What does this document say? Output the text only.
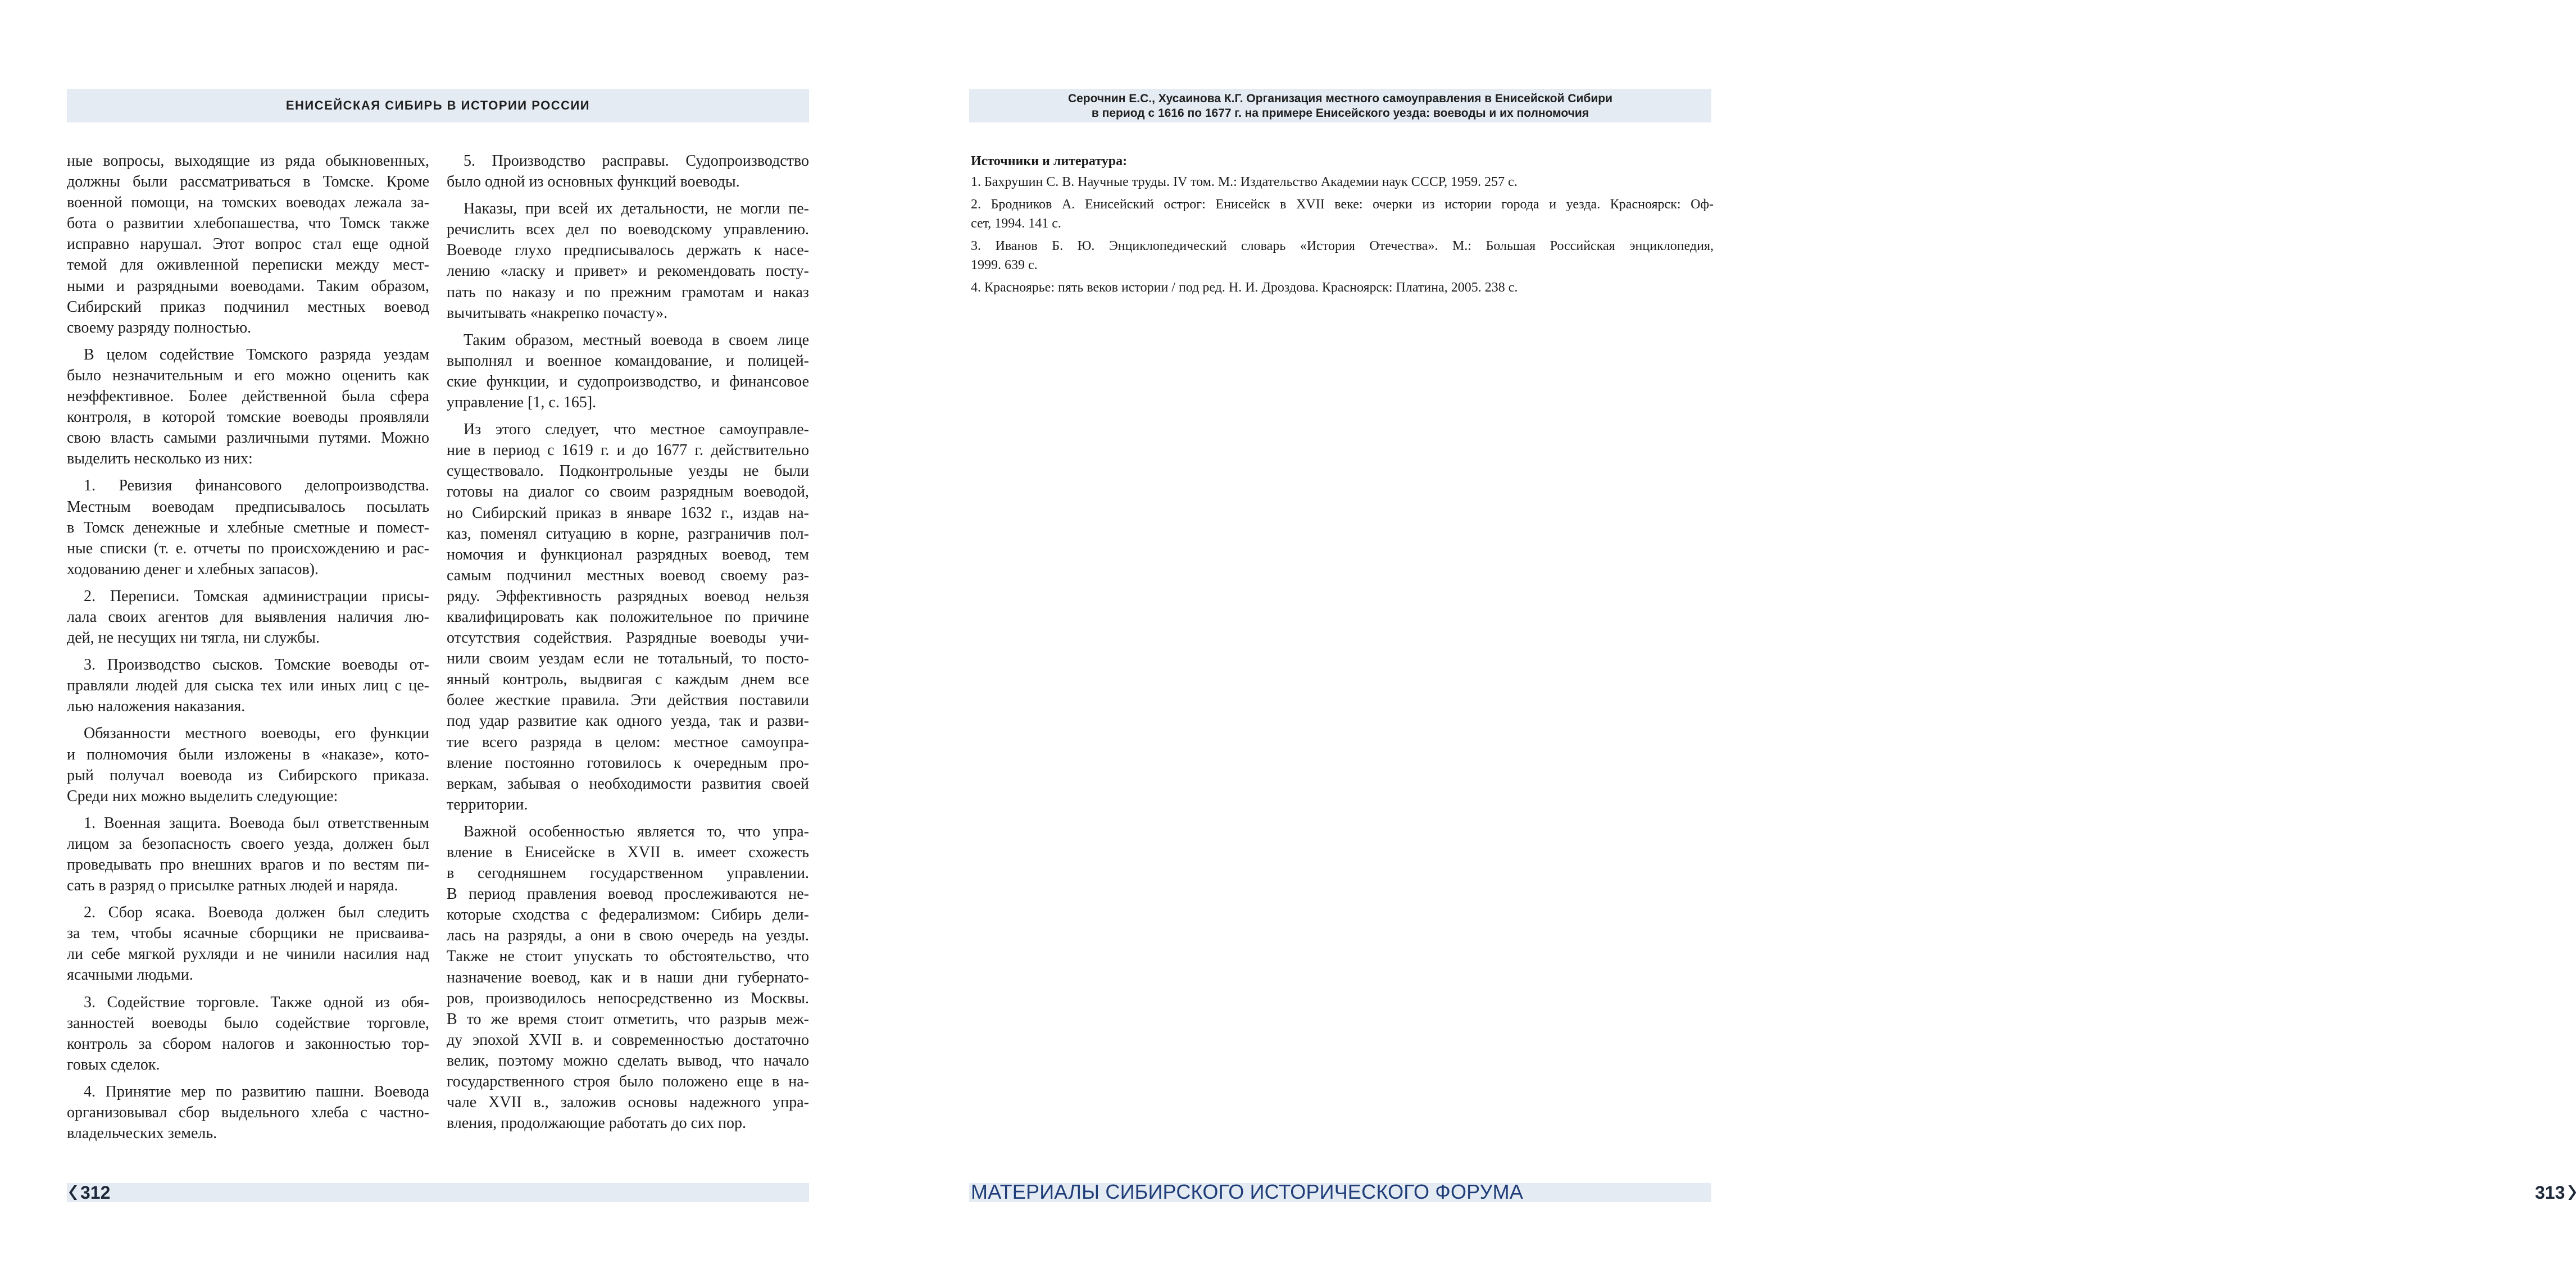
ЕНИСЕЙСКАЯ СИБИРЬ В ИСТОРИИ РОССИИ
ные вопросы, выходящие из ряда обыкновенных,
должны были рассматриваться в Томске. Кроме
военной помощи, на томских воеводах лежала за-
бота о развитии хлебопашества, что Томск также
исправно нарушал. Этот вопрос стал еще одной
темой для оживленной переписки между мест-
ными и разрядными воеводами. Таким образом,
Сибирский приказ подчинил местных воевод
своему разряду полностью.
В целом содействие Томского разряда уездам
было незначительным и его можно оценить как
неэффективное. Более действенной была сфера
контроля, в которой томские воеводы проявляли
свою власть самыми различными путями. Можно
выделить несколько из них:
1. Ревизия финансового делопроизводства.
Местным воеводам предписывалось посылать
в Томск денежные и хлебные сметные и помест-
ные списки (т. е. отчеты по происхождению и рас-
ходованию денег и хлебных запасов).
2. Переписи. Томская администрации присы-
лала своих агентов для выявления наличия лю-
дей, не несущих ни тягла, ни службы.
3. Производство сысков. Томские воеводы от-
правляли людей для сыска тех или иных лиц с це-
лью наложения наказания.
Обязанности местного воеводы, его функции
и полномочия были изложены в «наказе», кото-
рый получал воевода из Сибирского приказа.
Среди них можно выделить следующие:
1. Военная защита. Воевода был ответственным
лицом за безопасность своего уезда, должен был
проведывать про внешних врагов и по вестям пи-
сать в разряд о присылке ратных людей и наряда.
2. Сбор ясака. Воевода должен был следить
за тем, чтобы ясачные сборщики не присваива-
ли себе мягкой рухляди и не чинили насилия над
ясачными людьми.
3. Содействие торговле. Также одной из обя-
занностей воеводы было содействие торговле,
контроль за сбором налогов и законностью тор-
говых сделок.
4. Принятие мер по развитию пашни. Воевода
организовывал сбор выдельного хлеба с частно-
владельческих земель.
5. Производство расправы. Судопроизводство
было одной из основных функций воеводы.
Наказы, при всей их детальности, не могли пе-
речислить всех дел по воеводскому управлению.
Воеводе глухо предписывалось держать к насе-
лению «ласку и привет» и рекомендовать посту-
пать по наказу и по прежним грамотам и наказ
вычитывать «накрепко почасту».
Таким образом, местный воевода в своем лице
выполнял и военное командование, и полицей-
ские функции, и судопроизводство, и финансовое
управление [1, с. 165].
Из этого следует, что местное самоуправле-
ние в период с 1619 г. и до 1677 г. действительно
существовало. Подконтрольные уезды не были
готовы на диалог со своим разрядным воеводой,
но Сибирский приказ в январе 1632 г., издав на-
каз, поменял ситуацию в корне, разграничив пол-
номочия и функционал разрядных воевод, тем
самым подчинил местных воевод своему раз-
ряду. Эффективность разрядных воевод нельзя
квалифицировать как положительное по причине
отсутствия содействия. Разрядные воеводы учи-
нили своим уездам если не тотальный, то посто-
янный контроль, выдвигая с каждым днем все
более жесткие правила. Эти действия поставили
под удар развитие как одного уезда, так и разви-
тие всего разряда в целом: местное самоупра-
вление постоянно готовилось к очередным про-
веркам, забывая о необходимости развития своей
территории.
Важной особенностью является то, что упра-
вление в Енисейске в XVII в. имеет схожесть
в сегодняшнем государственном управлении.
В период правления воевод прослеживаются не-
которые сходства с федерализмом: Сибирь дели-
лась на разряды, а они в свою очередь на уезды.
Также не стоит упускать то обстоятельство, что
назначение воевод, как и в наши дни губернато-
ров, производилось непосредственно из Москвы.
В то же время стоит отметить, что разрыв меж-
ду эпохой XVII в. и современностью достаточно
велик, поэтому можно сделать вывод, что начало
государственного строя было положено еще в на-
чале XVII в., заложив основы надежного упра-
вления, продолжающие работать до сих пор.
312
Серочнин Е.С., Хусаинова К.Г. Организация местного самоуправления в Енисейской Сибири
в период с 1616 по 1677 г. на примере Енисейского уезда: воеводы и их полномочия
313
Источники и литература:
1. Бахрушин С. В. Научные труды. IV том. М.: Издательство Академии наук СССР, 1959. 257 с.
2. Бродников А. Енисейский острог: Енисейск в XVII веке: очерки из истории города и уезда. Красноярск: Оф-
сет, 1994. 141 с.
3. Иванов Б. Ю. Энциклопедический словарь «История Отечества». М.: Большая Российская энциклопедия,
1999. 639 с.
4. Красноярье: пять веков истории / под ред. Н. И. Дроздова. Красноярск: Платина, 2005. 238 с.
МАТЕРИАЛЫ СИБИРСКОГО ИСТОРИЧЕСКОГО ФОРУМА
